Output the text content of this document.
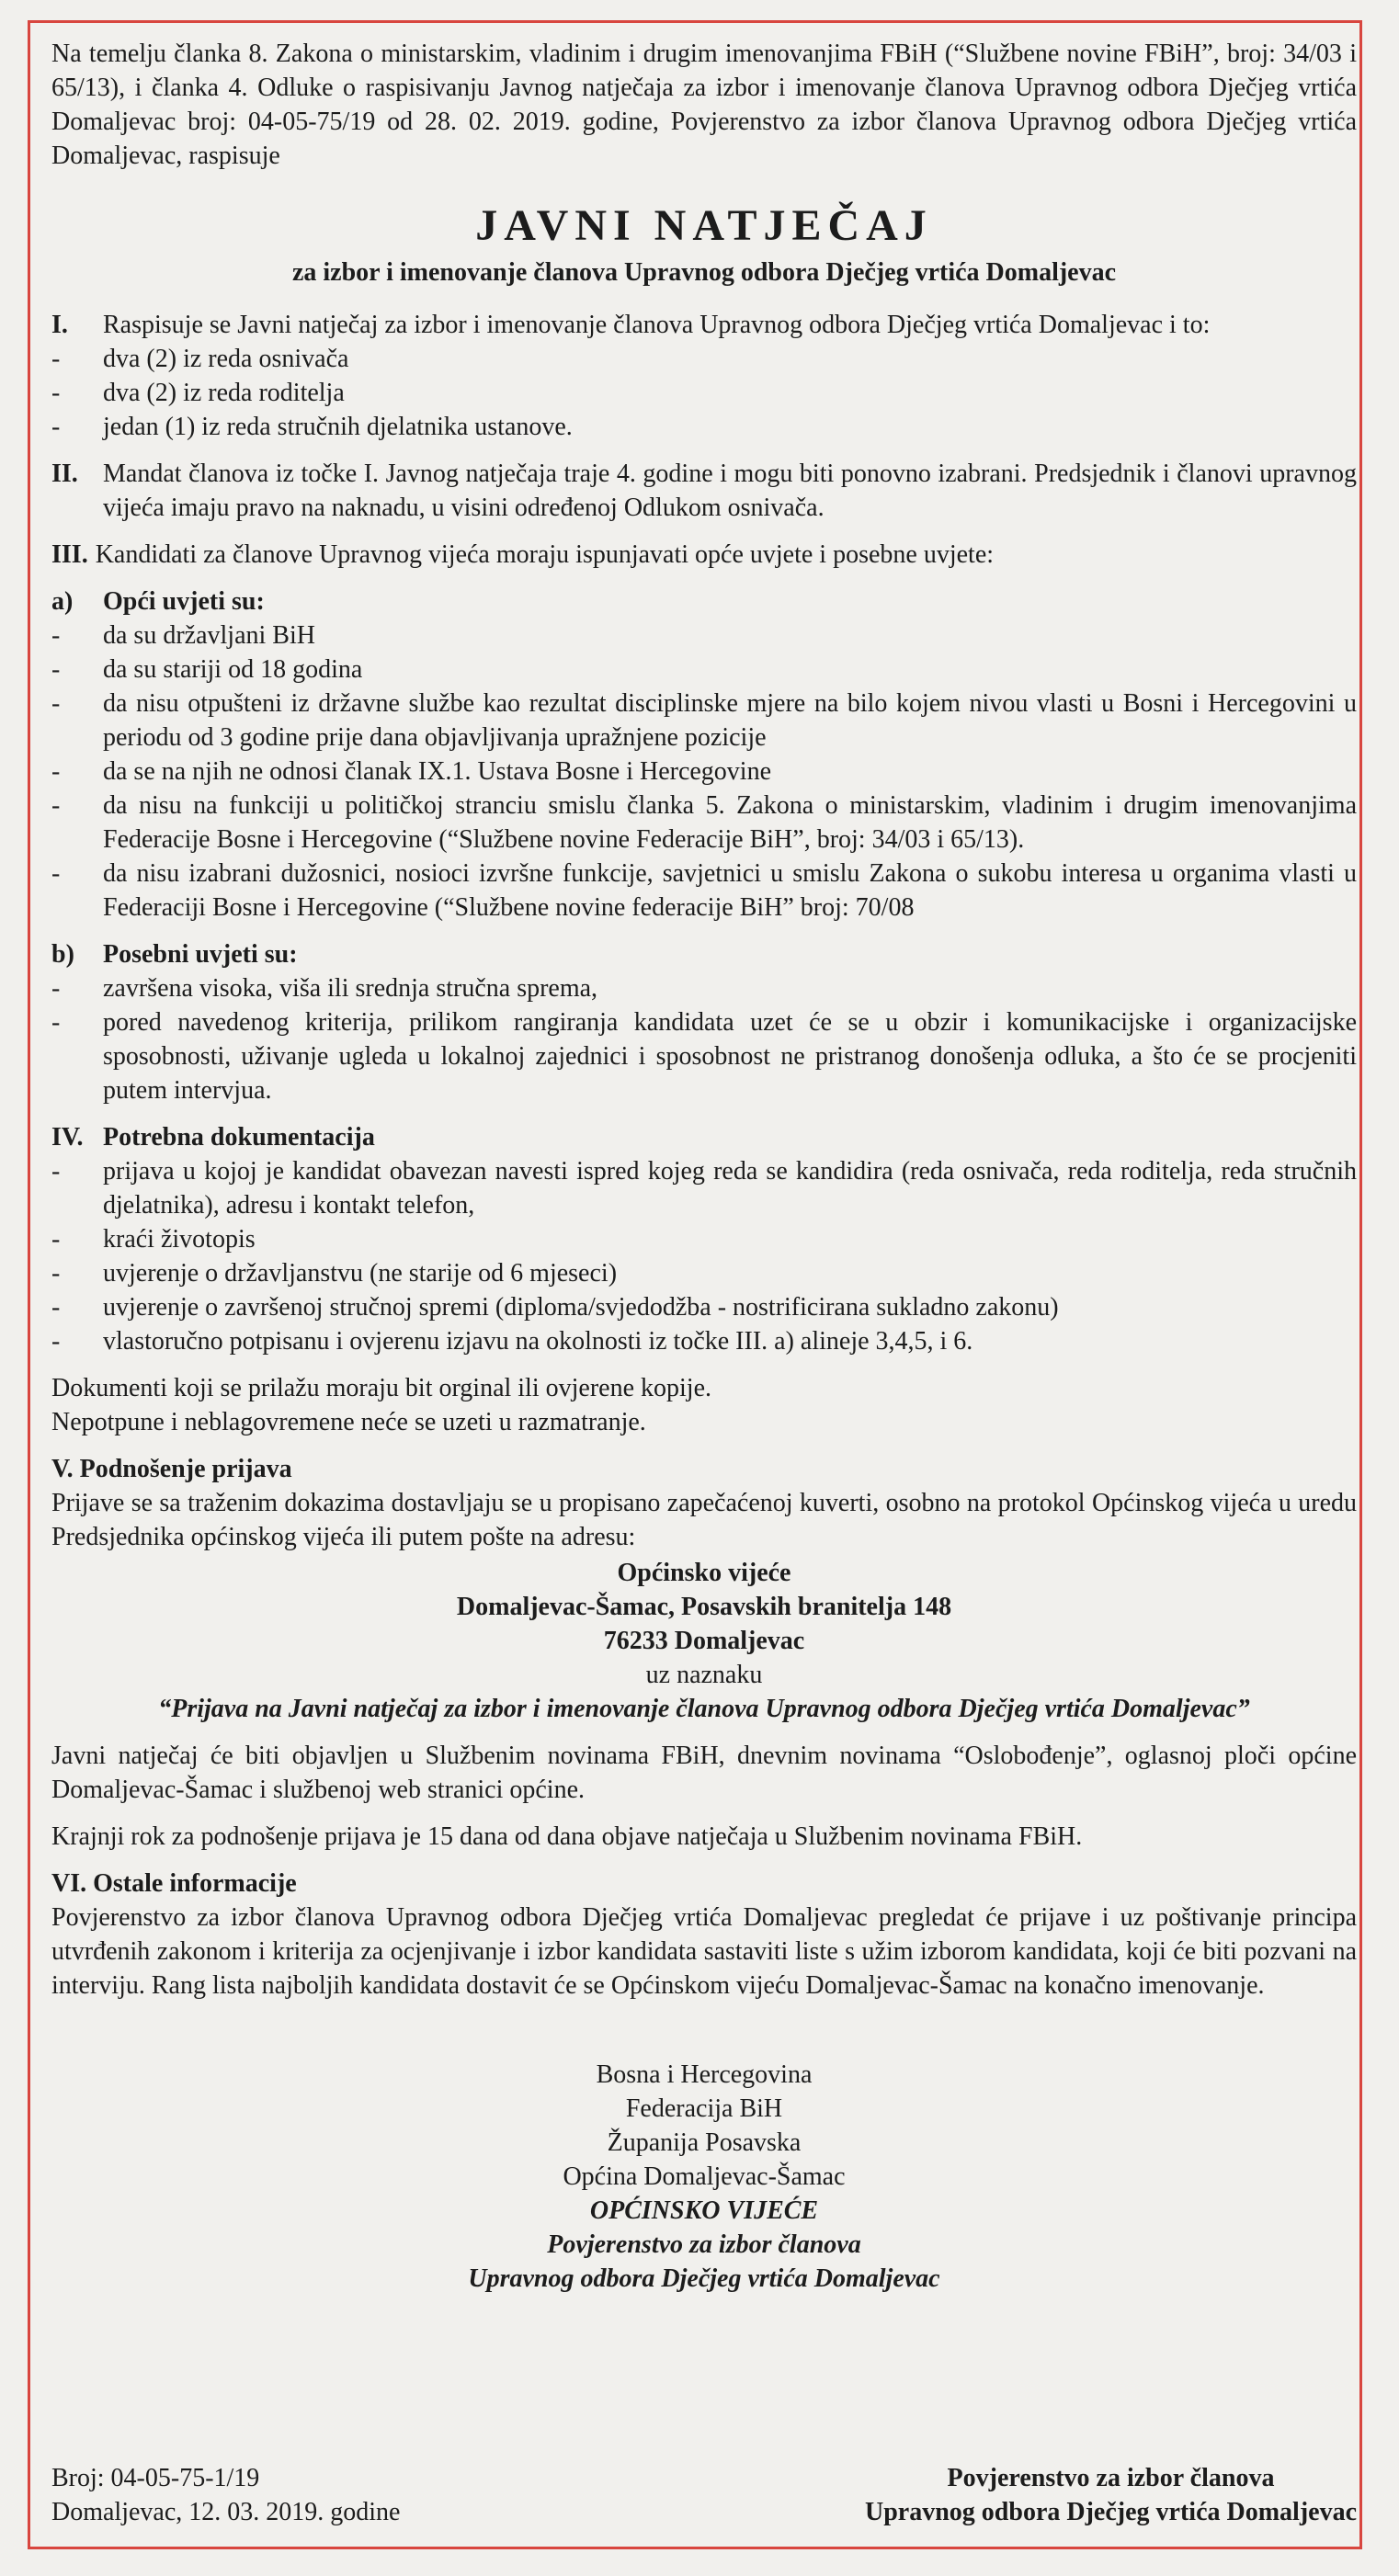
Na temelju članka 8. Zakona o ministarskim, vladinim i drugim imenovanjima FBiH (“Službene novine FBiH”, broj: 34/03 i 65/13), i članka 4. Odluke o raspisivanju Javnog natječaja za izbor i imenovanje članova Upravnog odbora Dječjeg vrtića Domaljevac broj: 04-05-75/19 od 28. 02. 2019. godine, Povjerenstvo za izbor članova Upravnog odbora Dječjeg vrtića Domaljevac, raspisuje

JAVNI NATJEČAJ
za izbor i imenovanje članova Upravnog odbora Dječjeg vrtića Domaljevac
I.	Raspisuje se Javni natječaj za izbor i imenovanje članova Upravnog odbora Dječjeg vrtića Domaljevac i to:
-	dva (2) iz reda osnivača
-	dva (2) iz reda roditelja
-	jedan (1) iz reda stručnih djelatnika ustanove.
II. Mandat članova iz točke I. Javnog natječaja traje 4. godine i mogu biti ponovno izabrani. Predsjednik i članovi upravnog vijeća imaju pravo na naknadu, u visini određenoj Odlukom osnivača.
III. Kandidati za članove Upravnog vijeća moraju ispunjavati opće uvjete i posebne uvjete:
a)	Opći uvjeti su:
-	da su državljani BiH
-	da su stariji od 18 godina
-	da nisu otpušteni iz državne službe kao rezultat disciplinske mjere na bilo kojem nivou vlasti u Bosni i Hercegovini u periodu od 3 godine prije dana objavljivanja upražnjene pozicije
-	da se na njih ne odnosi članak IX.1. Ustava Bosne i Hercegovine
-	da nisu na funkciji u političkoj stranciu smislu članka 5. Zakona o ministarskim, vladinim i drugim imenovanjima Federacije Bosne i Hercegovine (“Službene novine Federacije BiH”, broj: 34/03 i 65/13).
-	da nisu izabrani dužosnici, nosioci izvršne funkcije, savjetnici u smislu Zakona o sukobu interesa u organima vlasti u Federaciji Bosne i Hercegovine (“Službene novine federacije BiH” broj: 70/08
b)	Posebni uvjeti su:
-	završena visoka, viša ili srednja stručna sprema,
-	pored navedenog kriterija, prilikom rangiranja kandidata uzet će se u obzir i komunikacijske i organizacijske sposobnosti, uživanje ugleda u lokalnoj zajednici i sposobnost ne pristranog donošenja odluka, a što će se procjeniti putem intervjua.
IV. Potrebna dokumentacija
-	prijava u kojoj je kandidat obavezan navesti ispred kojeg reda se kandidira (reda osnivača, reda roditelja, reda stručnih djelatnika), adresu i kontakt telefon,
-	kraći životopis
-	uvjerenje o državljanstvu (ne starije od 6 mjeseci)
-	uvjerenje o završenoj stručnoj spremi (diploma/svjedodžba - nostrificirana sukladno zakonu)
-	vlastoručno potpisanu i ovjerenu izjavu na okolnosti iz točke III. a) alineje 3,4,5, i 6.

Dokumenti koji se prilažu moraju bit orginal ili ovjerene kopije.

Nepotpune i neblagovremene neće se uzeti u razmatranje.

V. Podnošenje prijava

Prijave se sa traženim dokazima dostavljaju se u propisano zapečaćenoj kuverti, osobno na protokol Općinskog vijeća u uredu Predsjednika općinskog vijeća ili putem pošte na adresu:

Općinsko vijeće
Domaljevac-Šamac, Posavskih branitelja 148
76233 Domaljevac
uz naznaku
“Prijava na Javni natječaj za izbor i imenovanje članova Upravnog odbora Dječjeg vrtića Domaljevac”

Javni natječaj će biti objavljen u Službenim novinama FBiH, dnevnim novinama “Oslobođenje”, oglasnoj ploči općine Domaljevac-Šamac i službenoj web stranici općine.

Krajnji rok za podnošenje prijava je 15 dana od dana objave natječaja u Službenim novinama FBiH.

VI. Ostale informacije

Povjerenstvo za izbor članova Upravnog odbora Dječjeg vrtića Domaljevac pregledat će prijave i uz poštivanje principa utvrđenih zakonom i kriterija za ocjenjivanje i izbor kandidata sastaviti liste s užim izborom kandidata, koji će biti pozvani na interviju. Rang lista najboljih kandidata dostavit će se Općinskom vijeću Domaljevac-Šamac na konačno imenovanje.

Bosna i Hercegovina
Federacija BiH
Županija Posavska
Općina Domaljevac-Šamac
OPĆINSKO VIJEĆE
Povjerenstvo za izbor članova
Upravnog odbora Dječjeg vrtića Domaljevac
Broj: 04-05-75-1/19
Domaljevac, 12. 03. 2019. godine
Povjerenstvo za izbor članova
Upravnog odbora Dječjeg vrtića Domaljevac
